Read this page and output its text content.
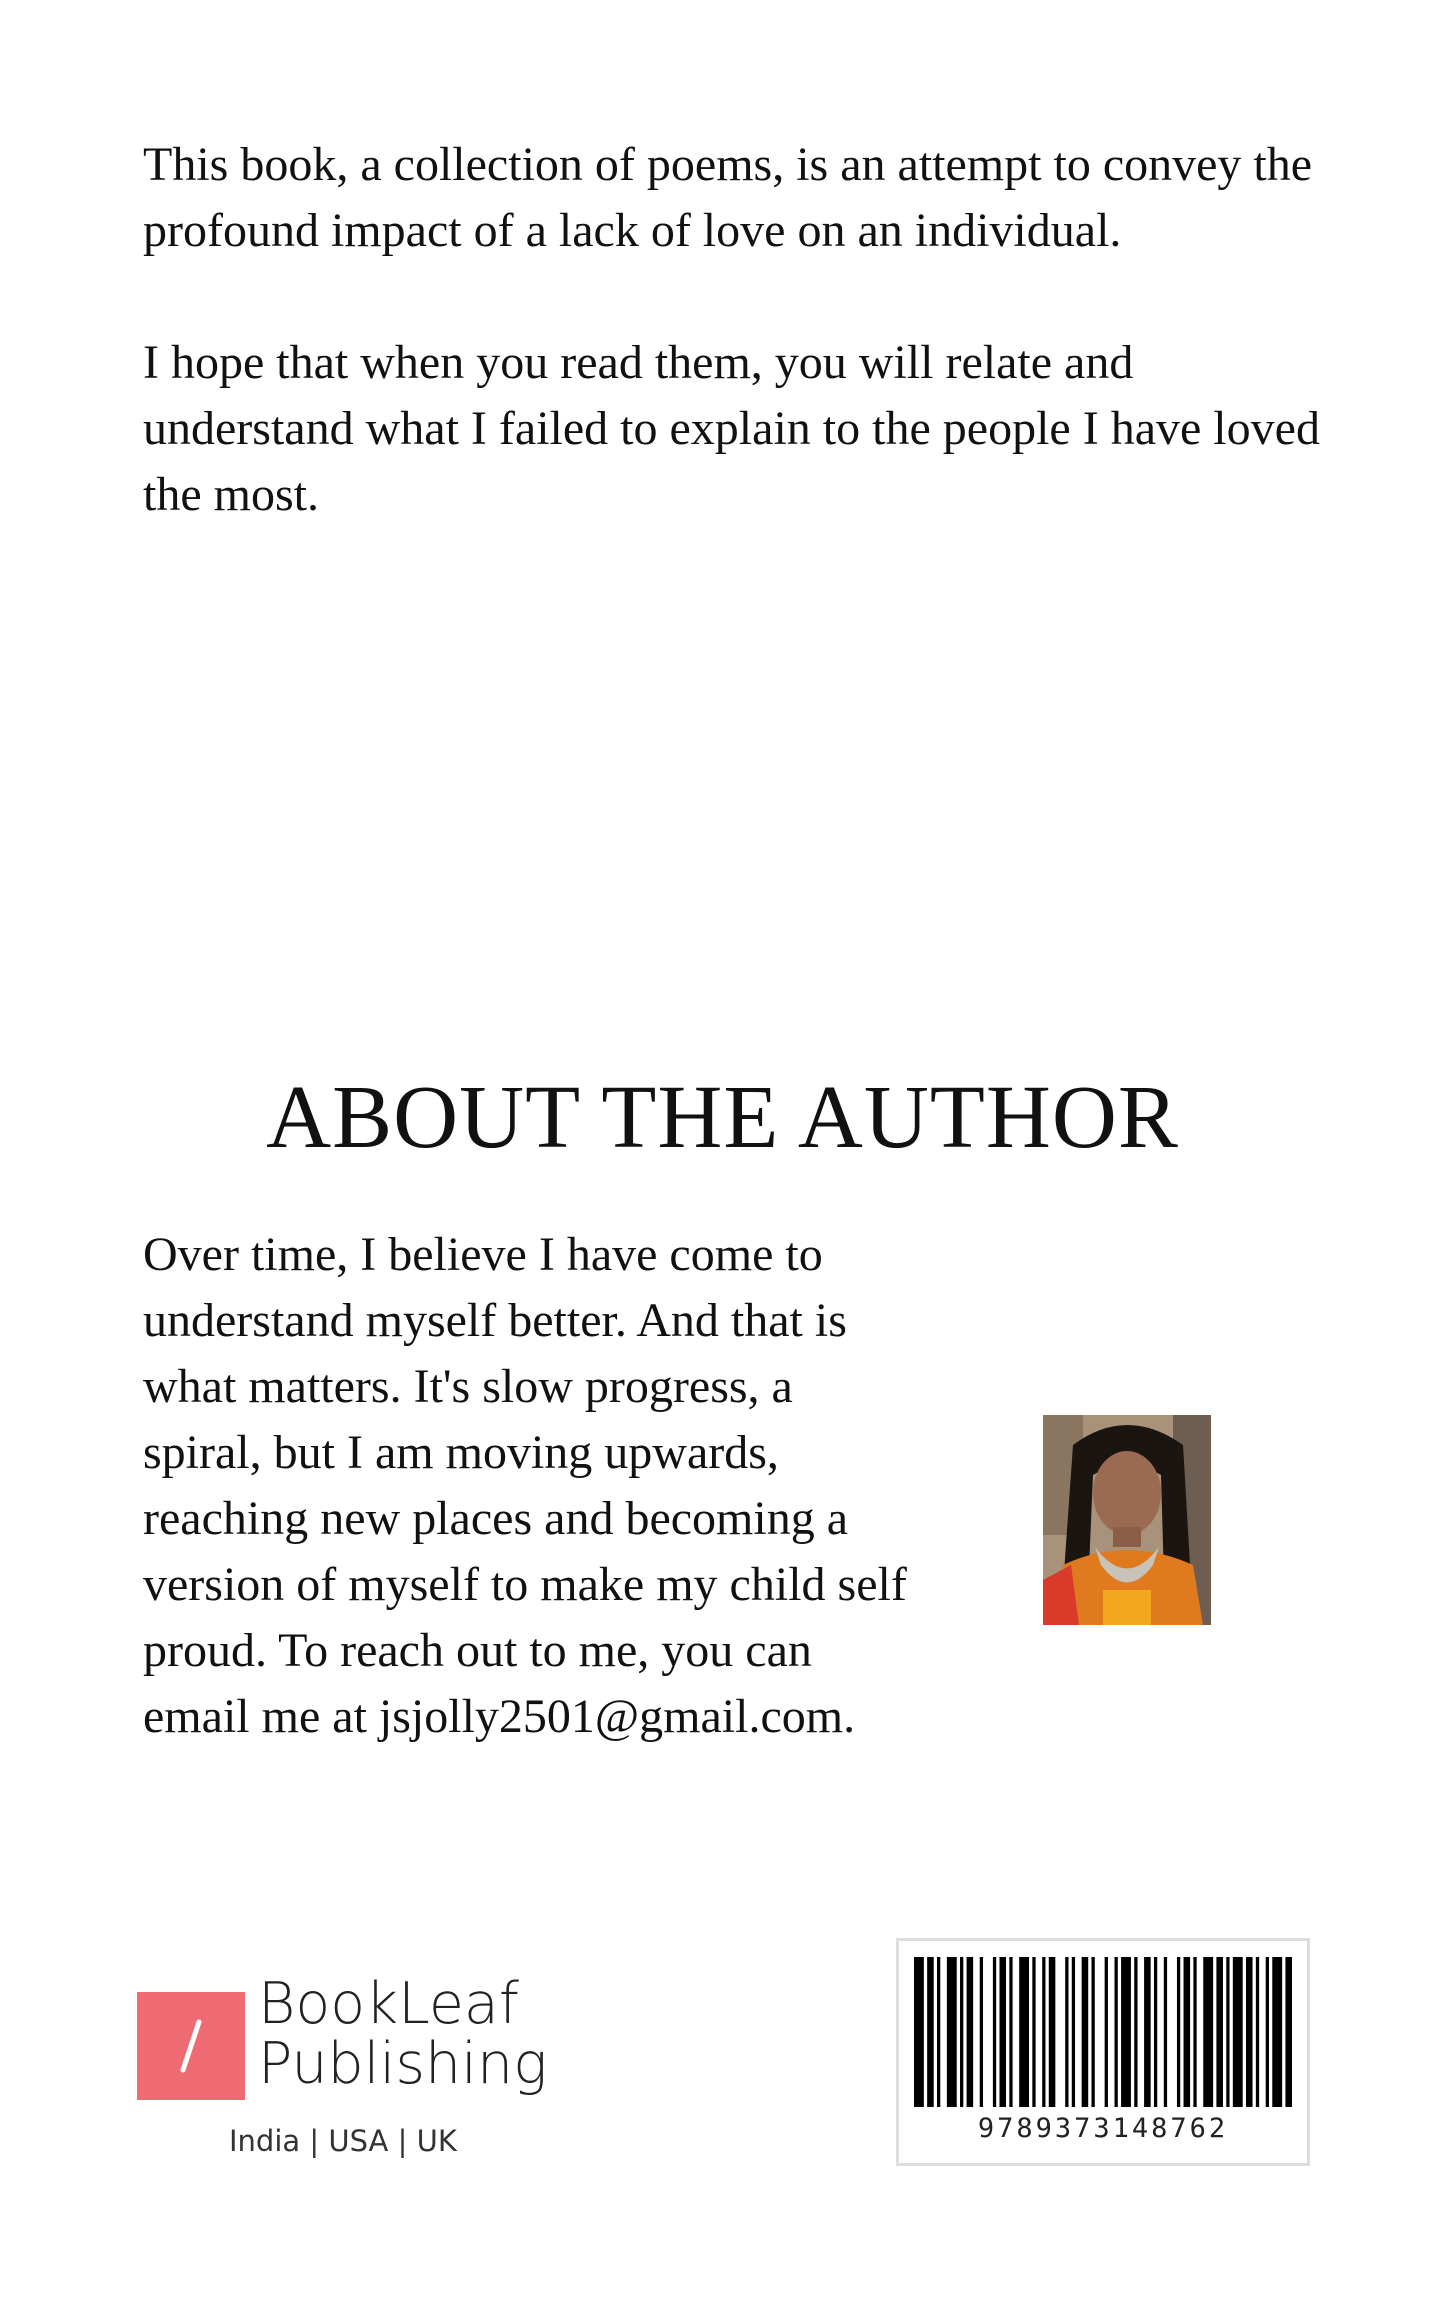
This book, a collection of poems, is an attempt to convey the profound impact of a lack of love on an individual.

I hope that when you read them, you will relate and understand what I failed to explain to the people I have loved the most.

ABOUT THE AUTHOR

Over time, I believe I have come to understand myself better. And that is what matters. It's slow progress, a spiral, but I am moving upwards, reaching new places and becoming a version of myself to make my child self proud. To reach out to me, you can email me at jsjolly2501@gmail.com.

BookLeaf
Publishing
India | USA | UK	9789373148762
